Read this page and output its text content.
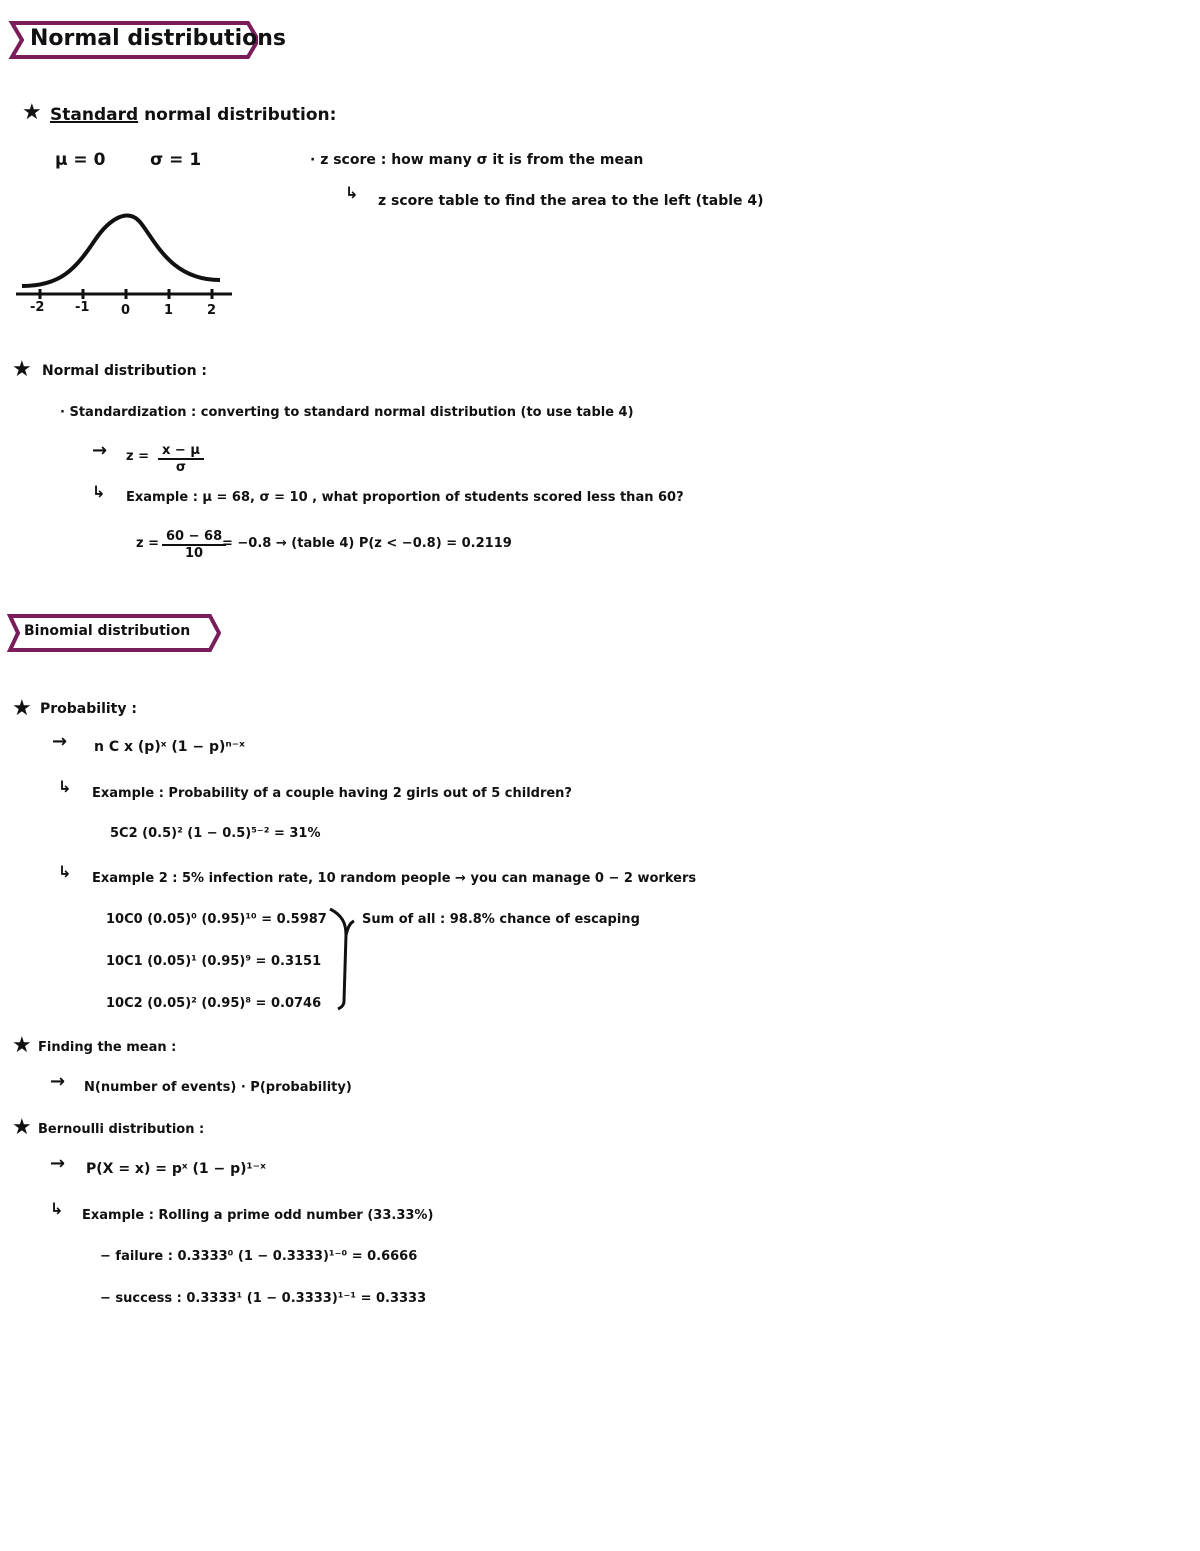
Normal distributions
★ Standard normal distribution:
μ = 0	σ = 1	· z score : how many σ it is from the mean
↳ z score table to find the area to the left (table 4)
-2 -1 0	1	2
★ Normal distribution :
· Standardization : converting to standard normal distribution (to use table 4)
→ $z = \frac{x - \mu}{\sigma}$
↳ Example : μ = 68, σ = 10 , what proportion of students scored less than 60?
$z = \frac{60 - 68}{10}$
= −0.8 → (table 4) P(z < −0.8) = 0.2119
Binomial distribution
★ Probability :
→ n C x (p)ˣ (1 − p)ⁿ⁻ˣ
↳ Example : Probability of a couple having 2 girls out of 5 children?
5C2 (0.5)² (1 − 0.5)⁵⁻² = 31%
↳ Example 2 : 5% infection rate, 10 random people → you can manage 0 − 2 workers
10C0 (0.05)⁰ (0.95)¹⁰ = 0.5987
10C1 (0.05)¹ (0.95)⁹ = 0.3151
10C2 (0.05)² (0.95)⁸ = 0.0746
Sum of all : 98.8% chance of escaping
★ Finding the mean :
→ N(number of events) · P(probability)
★ Bernoulli distribution :
→ P(X = x) = pˣ (1 − p)¹⁻ˣ
↳ Example : Rolling a prime odd number (33.33%)
− failure : 0.3333⁰ (1 − 0.3333)¹⁻⁰ = 0.6666
− success : 0.3333¹ (1 − 0.3333)¹⁻¹ = 0.3333
